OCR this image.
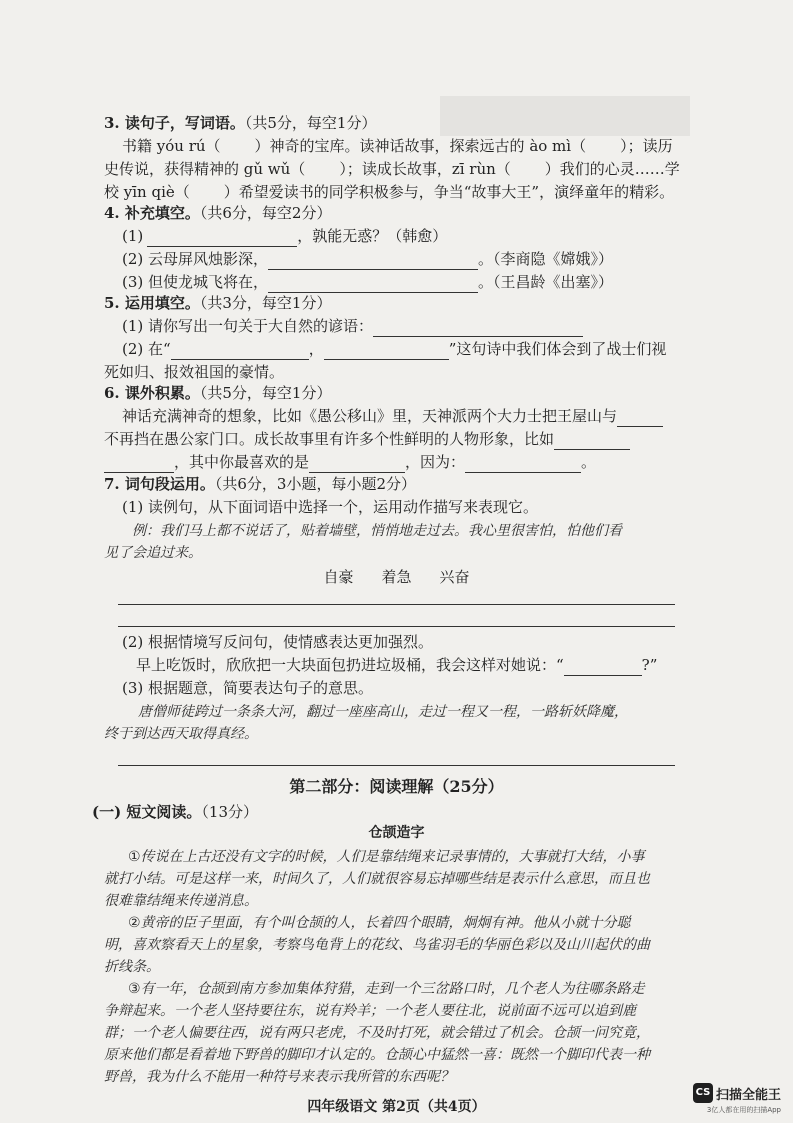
3. 读句子，写词语。（共5分，每空1分）
书籍 yóu rú（ ）神奇的宝库。读神话故事，探索远古的 ào mì（ ）；读历
史传说，获得精神的 gǔ wǔ（ ）；读成长故事，zī rùn（ ）我们的心灵……学
校 yīn qiè（ ）希望爱读书的同学积极参与，争当“故事大王”，演绎童年的精彩。
4. 补充填空。（共6分，每空2分）
(1)	，孰能无惑？（韩愈）
(2) 云母屏风烛影深，	。（李商隐《嫦娥》）
(3) 但使龙城飞将在，	。（王昌龄《出塞》）
5. 运用填空。（共3分，每空1分）
(1) 请你写出一句关于大自然的谚语：
(2) 在“	，	”这句诗中我们体会到了战士们视
死如归、报效祖国的豪情。
6. 课外积累。（共5分，每空1分）
神话充满神奇的想象，比如《愚公移山》里，天神派两个大力士把王屋山与
不再挡在愚公家门口。成长故事里有许多个性鲜明的人物形象，比如
，其中你最喜欢的是	，因为：	。
7. 词句段运用。（共6分，3小题，每小题2分）
(1) 读例句，从下面词语中选择一个，运用动作描写来表现它。
例：我们马上都不说话了，贴着墙壁，悄悄地走过去。我心里很害怕，怕他们看
见了会追过来。
自豪 着急 兴奋
(2) 根据情境写反问句，使情感表达更加强烈。
早上吃饭时，欣欣把一大块面包扔进垃圾桶，我会这样对她说：“	?”
(3) 根据题意，简要表达句子的意思。
唐僧师徒跨过一条条大河，翻过一座座高山，走过一程又一程，一路斩妖降魔，
终于到达西天取得真经。
第二部分：阅读理解（25分）
(一) 短文阅读。（13分）
仓颉造字
①传说在上古还没有文字的时候，人们是靠结绳来记录事情的，大事就打大结，小事
就打小结。可是这样一来，时间久了，人们就很容易忘掉哪些结是表示什么意思，而且也
很难靠结绳来传递消息。
②黄帝的臣子里面，有个叫仓颉的人，长着四个眼睛，炯炯有神。他从小就十分聪
明，喜欢察看天上的星象，考察鸟龟背上的花纹、鸟雀羽毛的华丽色彩以及山川起伏的曲
折线条。
③有一年，仓颉到南方参加集体狩猎，走到一个三岔路口时，几个老人为往哪条路走
争辩起来。一个老人坚持要往东，说有羚羊；一个老人要往北，说前面不远可以追到鹿
群；一个老人偏要往西，说有两只老虎，不及时打死，就会错过了机会。仓颉一问究竟，
原来他们都是看着地下野兽的脚印才认定的。仓颉心中猛然一喜：既然一个脚印代表一种
野兽，我为什么不能用一种符号来表示我所管的东西呢？
四年级语文 第2页（共4页）
CS 扫描全能王
3亿人都在用的扫描App
